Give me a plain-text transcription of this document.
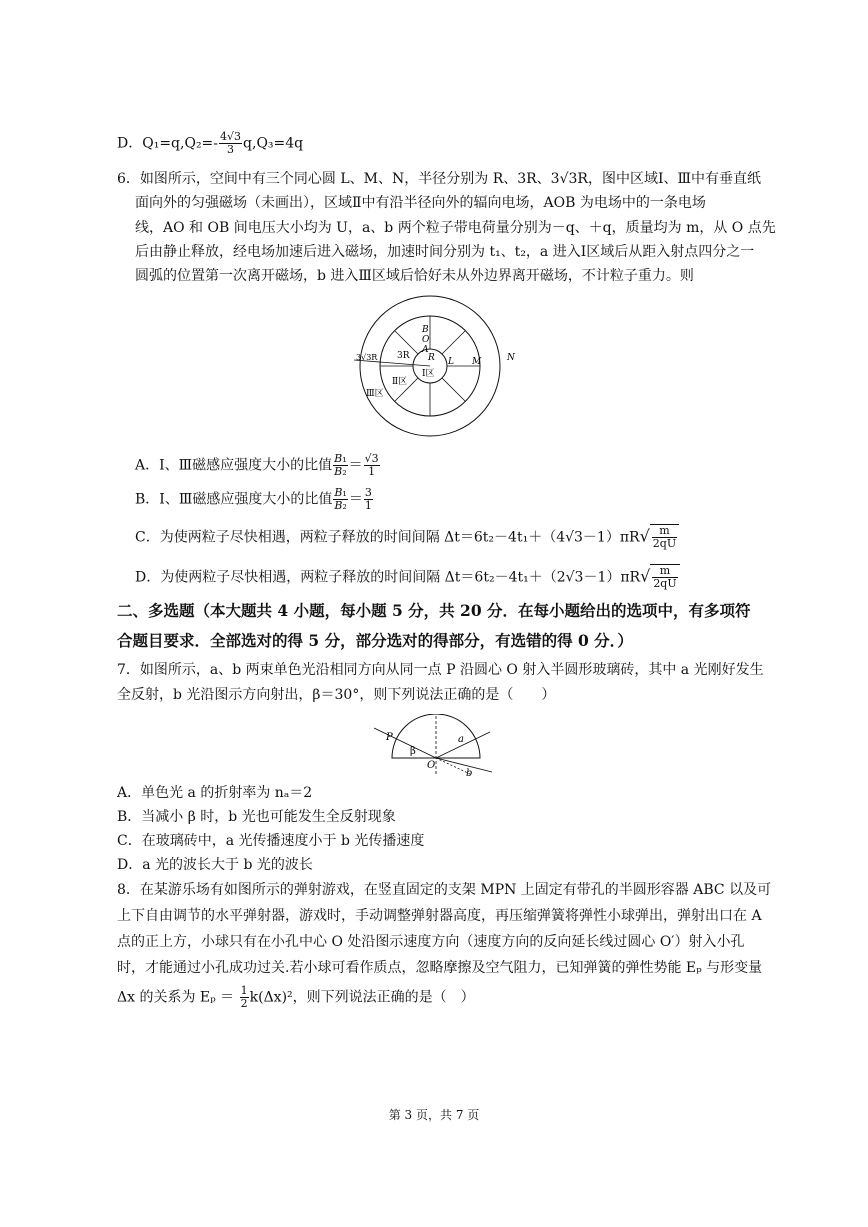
D．$Q_1=q,Q_2=- \frac{4√3}{3} q,Q_3=4q$
6．如图所示，空间中有三个同心圆 L、M、N，半径分别为 R、3R、3√3R，图中区域Ⅰ、Ⅲ中有垂直纸
面向外的匀强磁场（未画出），区域Ⅱ中有沿半径向外的辐向电场，AOB 为电场中的一条电场
线，AO 和 OB 间电压大小均为 U，a、b 两个粒子带电荷量分别为－q、＋q，质量均为 m，从 O 点先
后由静止释放，经电场加速后进入磁场，加速时间分别为 t₁、t₂，a 进入Ⅰ区域后从距入射点四分之一
圆弧的位置第一次离开磁场，b 进入Ⅲ区域后恰好未从外边界离开磁场，不计粒子重力。则
B
O
A
3R R L M	N
3√3R
Ⅰ区
Ⅱ区
Ⅲ区
A．Ⅰ、Ⅲ磁感应强度大小的比值 $\frac{\text{B₁}}{\text{B₂}} = \frac{√3}{1}$
B．Ⅰ、Ⅲ磁感应强度大小的比值 $\frac{\text{B₁}}{\text{B₂}} = \frac{3}{1}$
C．为使两粒子尽快相遇，两粒子释放的时间间隔 $\Delta t=6t_2-4t_1+(4√3-1)\pi R√ \frac{m}{2qU}$
D．为使两粒子尽快相遇，两粒子释放的时间间隔 $\Delta t=6t_2-4t_1+(2√3-1)\pi R√ \frac{m}{2qU}$
二、多选题（本大题共 4 小题，每小题 5 分，共 20 分．在每小题给出的选项中，有多项符
合题目要求．全部选对的得 5 分，部分选对的得部分，有选错的得 0 分．）
7．如图所示，a、b 两束单色光沿相同方向从同一点 P 沿圆心 O 射入半圆形玻璃砖，其中 a 光刚好发生
全反射，b 光沿图示方向射出，β＝30°，则下列说法正确的是（　　）
P
β
a
O
b
A．单色光 a 的折射率为 nₐ＝2
B．当减小 β 时，b 光也可能发生全反射现象
C．在玻璃砖中，a 光传播速度小于 b 光传播速度
D．a 光的波长大于 b 光的波长
8．在某游乐场有如图所示的弹射游戏，在竖直固定的支架 MPN 上固定有带孔的半圆形容器 ABC 以及可
上下自由调节的水平弹射器，游戏时，手动调整弹射器高度，再压缩弹簧将弹性小球弹出，弹射出口在 A
点的正上方，小球只有在小孔中心 O 处沿图示速度方向（速度方向的反向延长线过圆心 O′）射入小孔
时，才能通过小孔成功过关.若小球可看作质点，忽略摩擦及空气阻力，已知弹簧的弹性势能 Eₚ 与形变量
Δx 的关系为 $E_p = \frac{1}{2} k(\Delta x)^2$，则下列说法正确的是（　）
第 3 页，共 7 页
